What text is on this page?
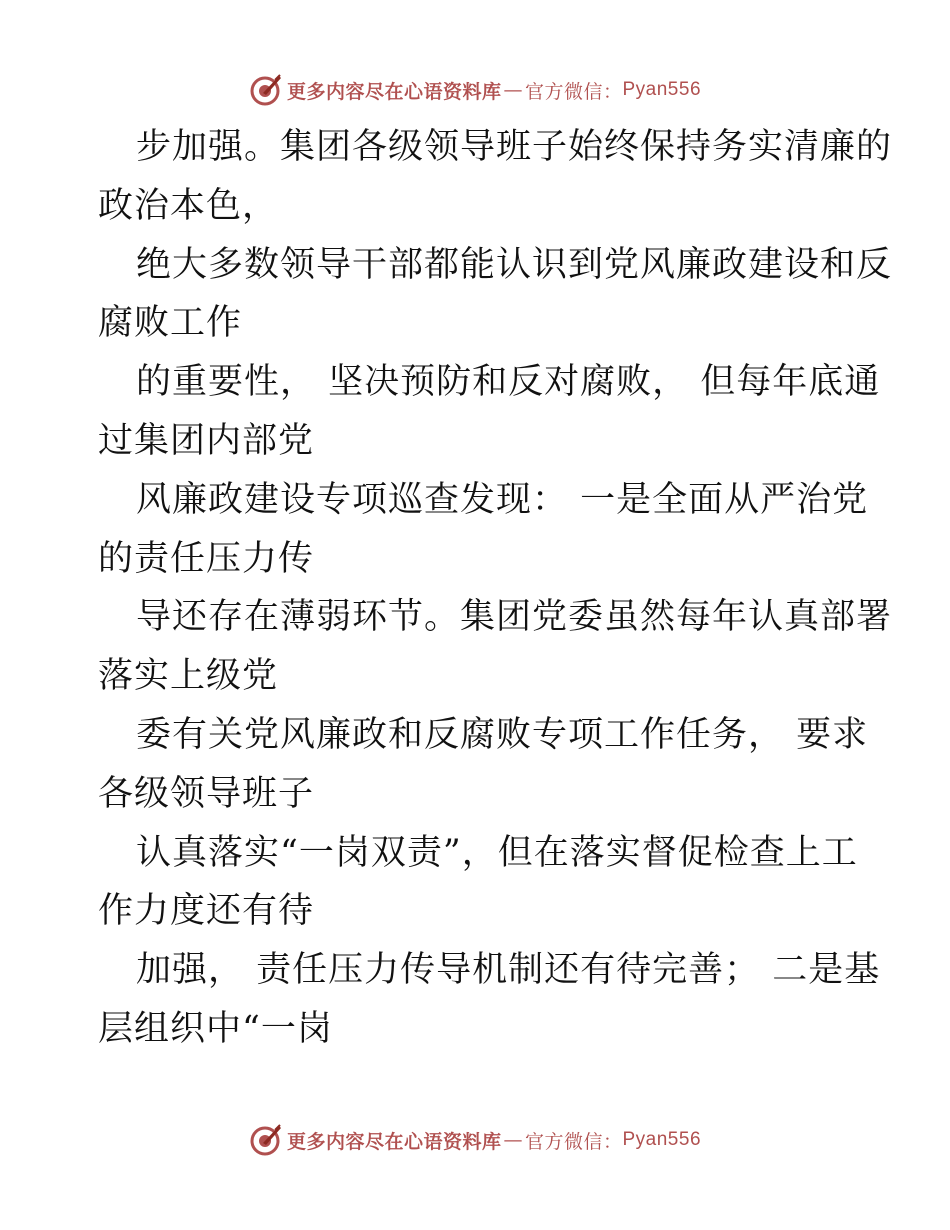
更多内容尽在心语资料库 — 官方微信： Pyan556
步加强。集团各级领导班子始终保持务实清廉的
政治本色，
绝大多数领导干部都能认识到党风廉政建设和反
腐败工作
的重要性， 坚决预防和反对腐败， 但每年底通
过集团内部党
风廉政建设专项巡查发现： 一是全面从严治党
的责任压力传
导还存在薄弱环节。集团党委虽然每年认真部署
落实上级党
委有关党风廉政和反腐败专项工作任务， 要求
各级领导班子
认真落实“一岗双责”，但在落实督促检查上工
作力度还有待
加强， 责任压力传导机制还有待完善； 二是基
层组织中“一岗
更多内容尽在心语资料库 — 官方微信： Pyan556
